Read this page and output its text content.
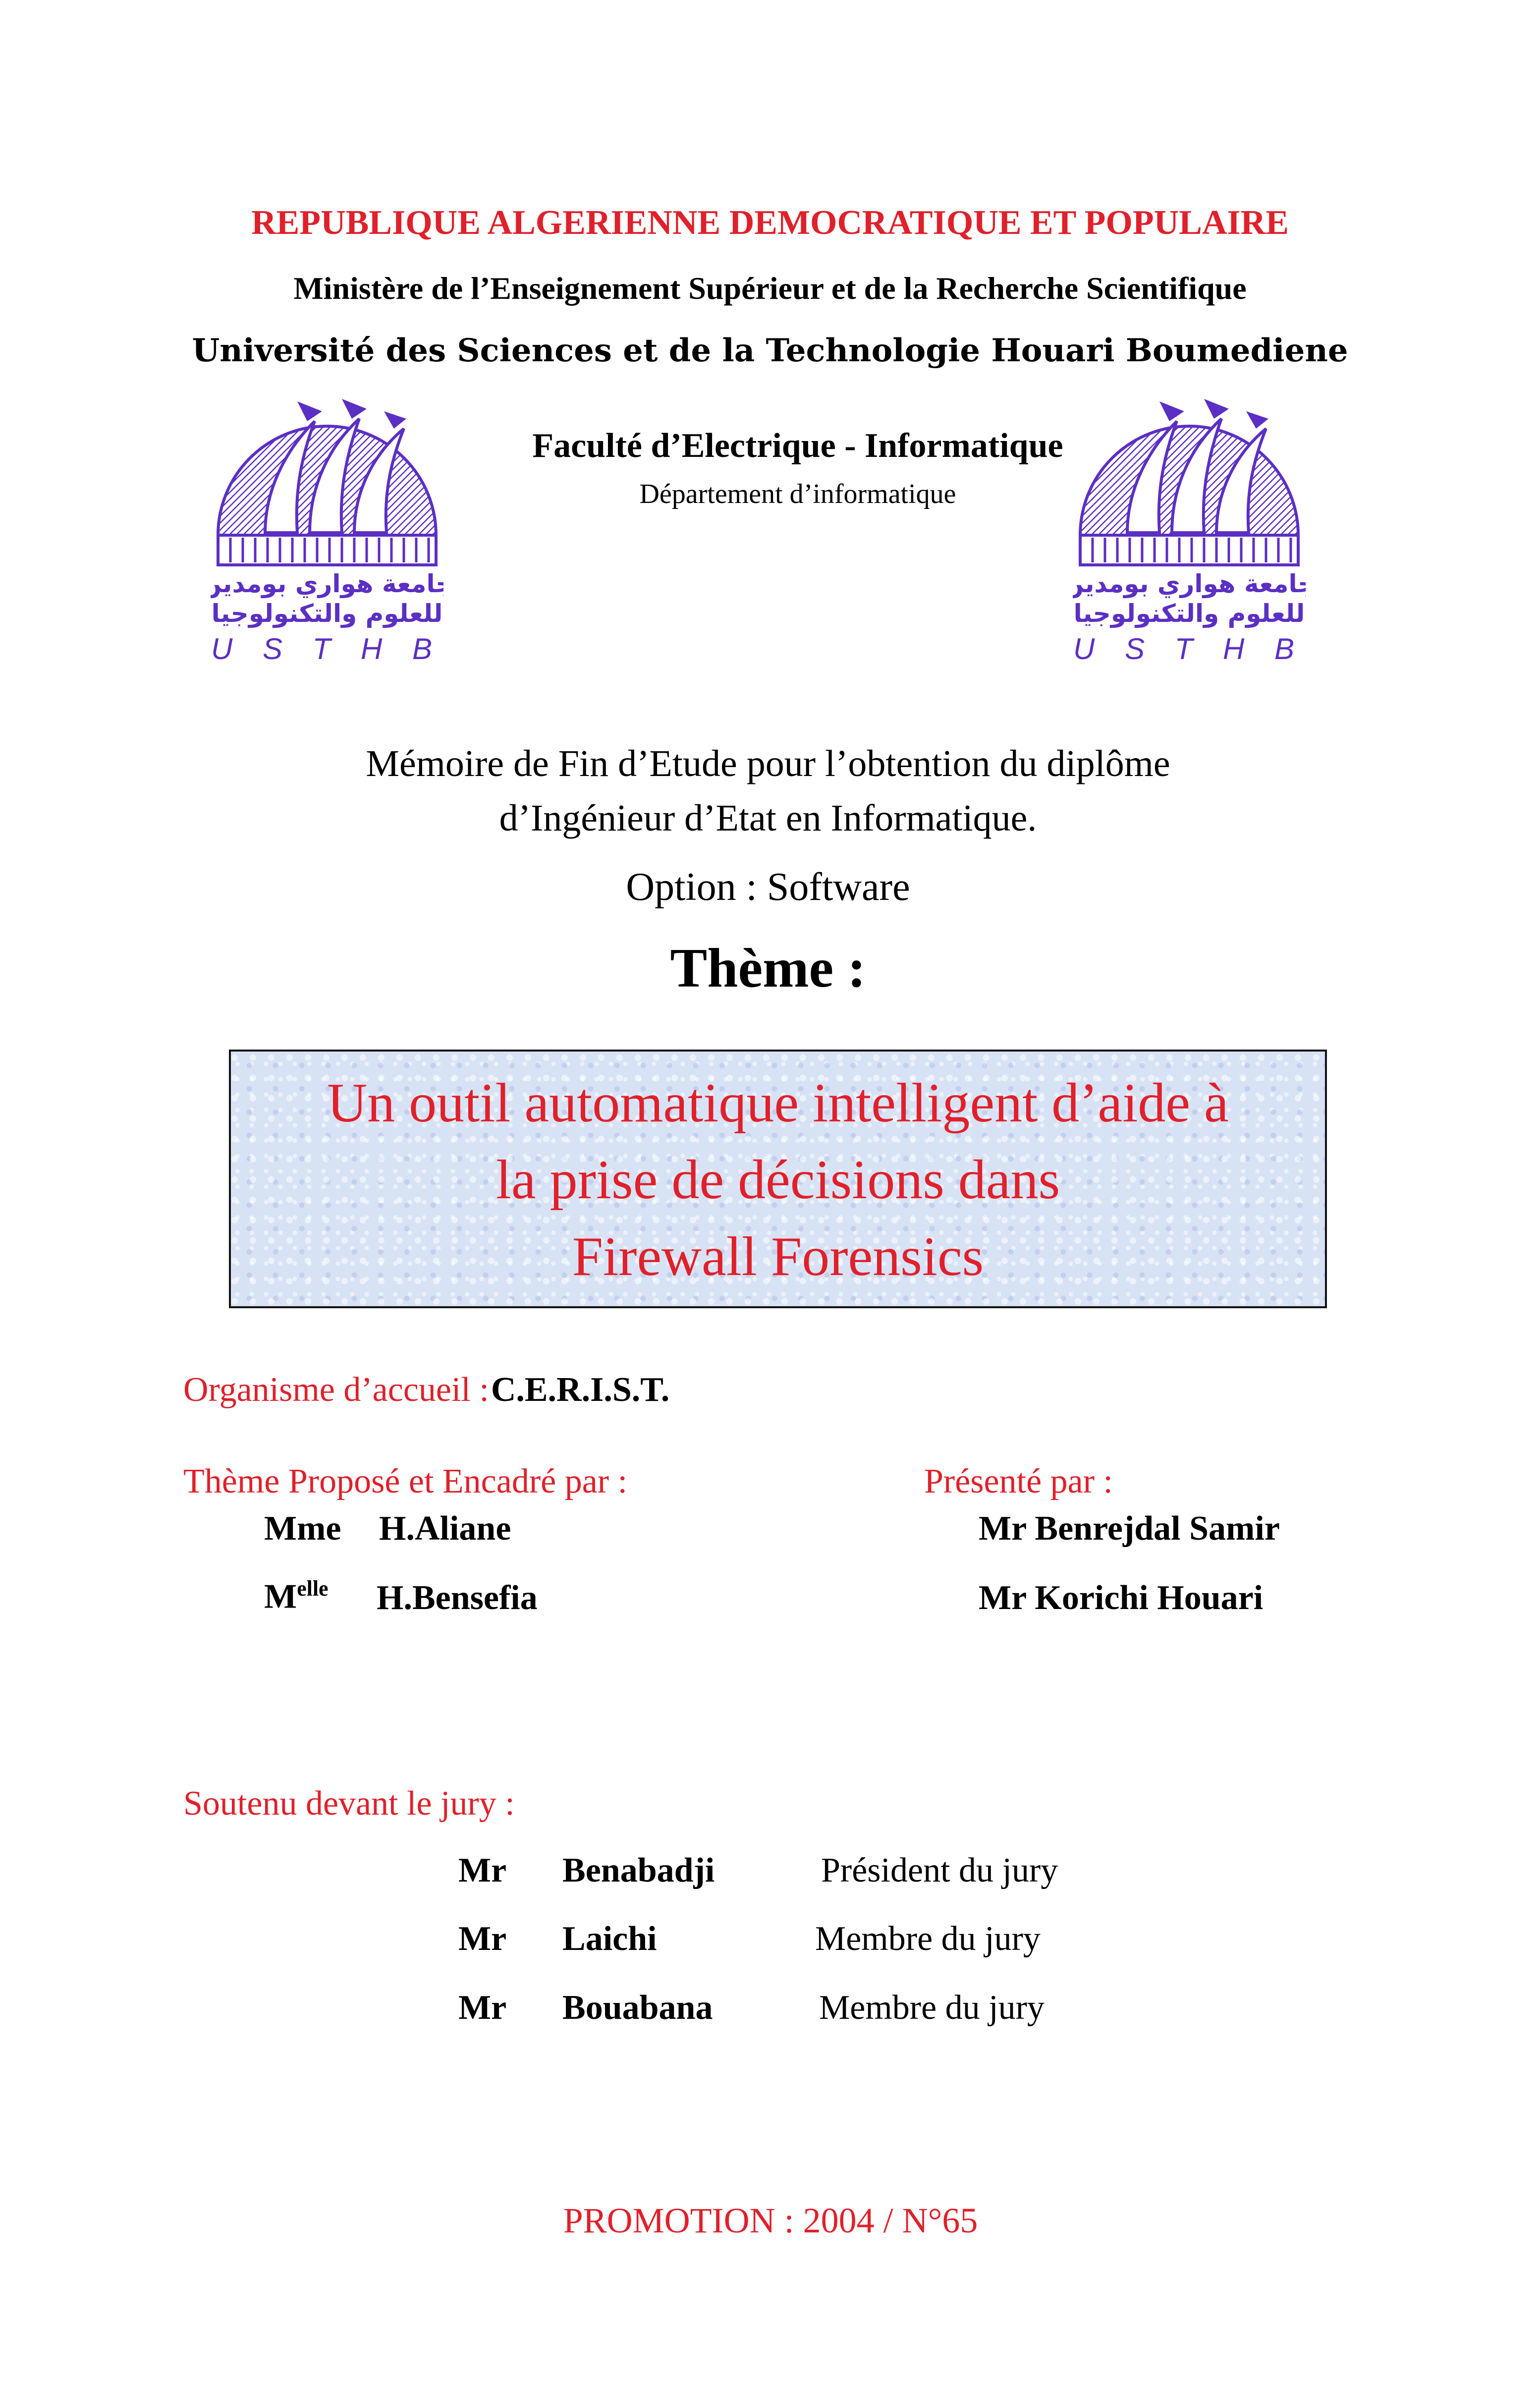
REPUBLIQUE ALGERIENNE DEMOCRATIQUE ET POPULAIRE
Ministère de l’Enseignement Supérieur et de la Recherche Scientifique
Université des Sciences et de la Technologie Houari Boumediene
Faculté d’Electrique - Informatique
Département d’informatique
جامعة هواري بومدين
للعلوم والتكنولوجيا
U S T H B
جامعة هواري بومدين
للعلوم والتكنولوجيا
U S T H B
Mémoire de Fin d’Etude pour l’obtention du diplôme
d’Ingénieur d’Etat en Informatique.
Option : Software
Thème :
Un outil automatique intelligent d’aide à
la prise de décisions dans
Firewall Forensics
Organisme d’accueil : C.E.R.I.S.T.
Thème Proposé et Encadré par :
Mme H.Aliane
$M^{elle}$ H.Bensefia
Présenté par :
Mr Benrejdal Samir
Mr Korichi Houari
Soutenu devant le jury :
Mr Benabadji	Président du jury
Mr Laichi	Membre du jury
Mr Bouabana	Membre du jury
PROMOTION : 2004 / N°65
